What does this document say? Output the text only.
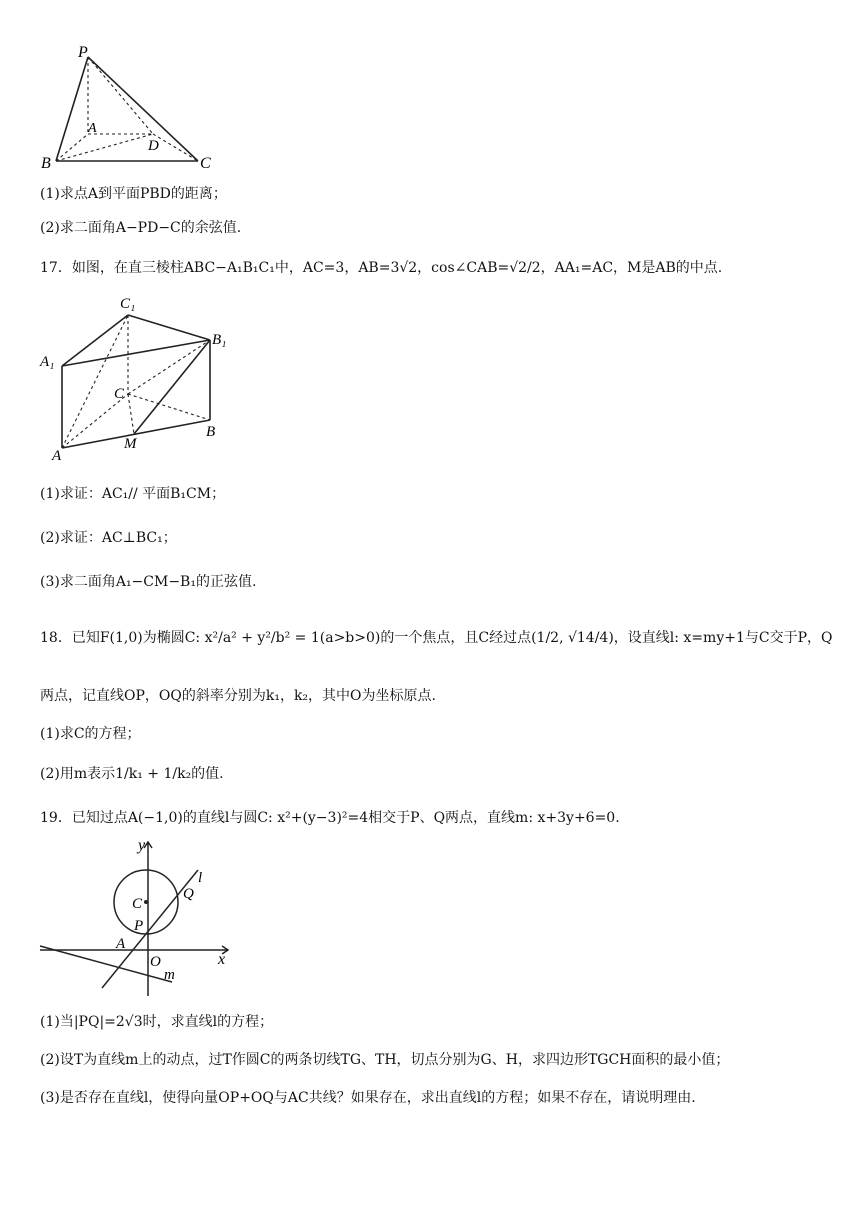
P
A
B
D
C
(1)求点A到平面PBD的距离；
(2)求二面角A−PD−C的余弦值.
17．如图，在直三棱柱ABC−A₁B₁C₁中，AC=3，AB=3√2，cos∠CAB=√2/2，AA₁=AC，M是AB的中点.
C₁
A₁
B₁
C
A
M
B
(1)求证：AC₁// 平面B₁CM；
(2)求证：AC⊥BC₁；
(3)求二面角A₁−CM−B₁的正弦值.
18．已知F(1,0)为椭圆C: x²/a² + y²/b² = 1(a>b>0)的一个焦点，且C经过点(1/2, √14/4)，设直线l: x=my+1与C交于P，Q
两点，记直线OP，OQ的斜率分别为k₁，k₂，其中O为坐标原点.
(1)求C的方程；
(2)用m表示1/k₁ + 1/k₂的值.
19．已知过点A(−1,0)的直线l与圆C: x²+(y−3)²=4相交于P、Q两点，直线m: x+3y+6=0.
y
x
C
P
Q
l
A
O
m
(1)当|PQ|=2√3时，求直线l的方程；
(2)设T为直线m上的动点，过T作圆C的两条切线TG、TH，切点分别为G、H，求四边形TGCH面积的最小值；
(3)是否存在直线l，使得向量OP+OQ与AC共线？如果存在，求出直线l的方程；如果不存在，请说明理由.
